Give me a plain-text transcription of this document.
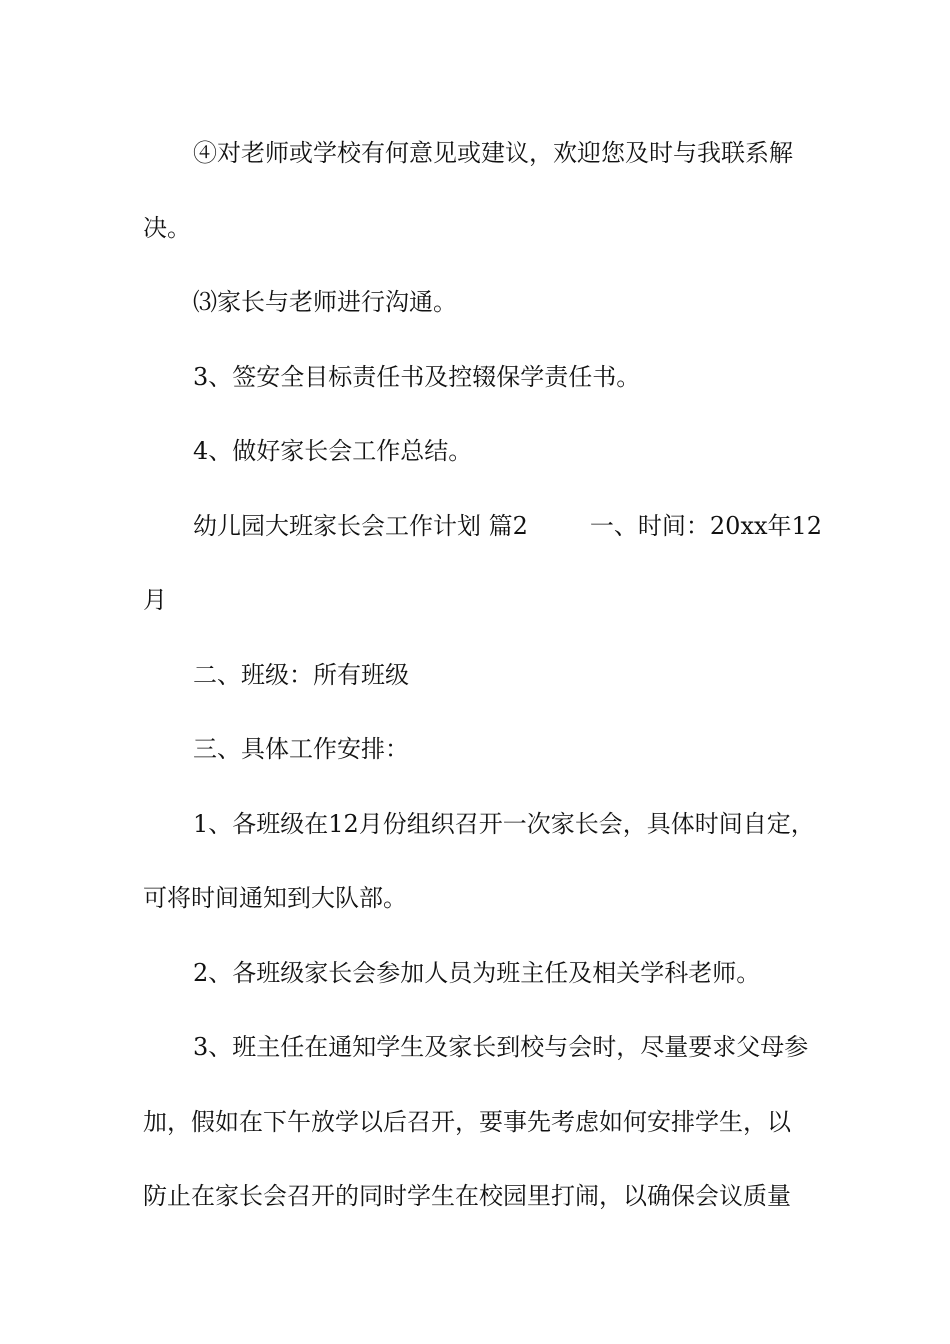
④对老师或学校有何意见或建议，欢迎您及时与我联系解
决。
⑶家长与老师进行沟通。
3、签安全目标责任书及控辍保学责任书。
4、做好家长会工作总结。
幼儿园大班家长会工作计划 篇2	一、时间：20xx年12
月
二、班级：所有班级
三、具体工作安排：
1、各班级在12月份组织召开一次家长会，具体时间自定，
可将时间通知到大队部。
2、各班级家长会参加人员为班主任及相关学科老师。
3、班主任在通知学生及家长到校与会时，尽量要求父母参
加，假如在下午放学以后召开，要事先考虑如何安排学生，以
防止在家长会召开的同时学生在校园里打闹，以确保会议质量
